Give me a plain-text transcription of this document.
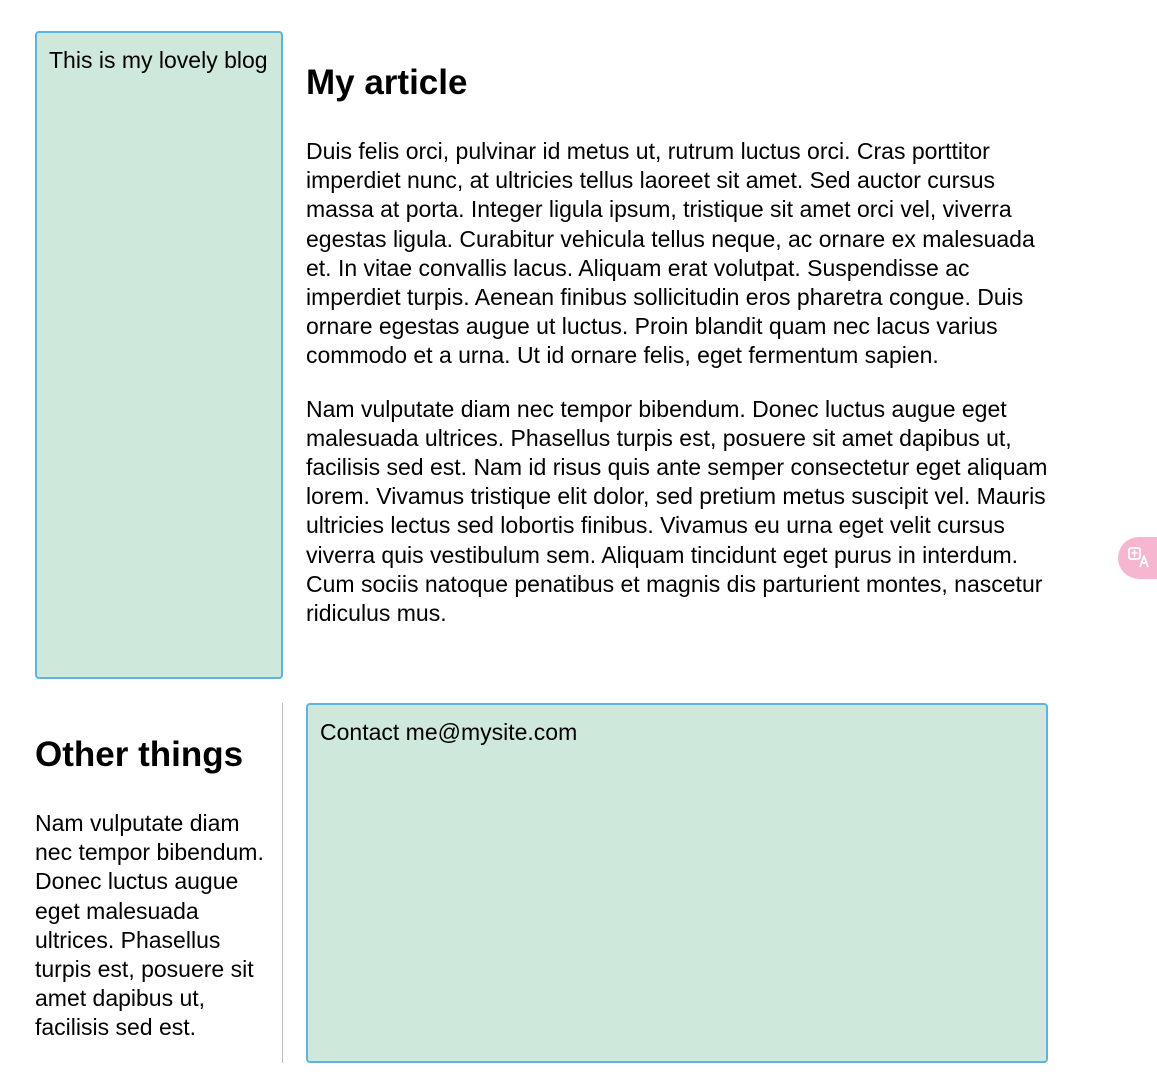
This is my lovely blog
My article

Duis felis orci, pulvinar id metus ut, rutrum luctus orci. Cras porttitor imperdiet nunc, at ultricies tellus laoreet sit amet. Sed auctor cursus massa at porta. Integer ligula ipsum, tristique sit amet orci vel, viverra egestas ligula. Curabitur vehicula tellus neque, ac ornare ex malesuada et. In vitae convallis lacus. Aliquam erat volutpat. Suspendisse ac imperdiet turpis. Aenean finibus sollicitudin eros pharetra congue. Duis ornare egestas augue ut luctus. Proin blandit quam nec lacus varius commodo et a urna. Ut id ornare felis, eget fermentum sapien.

Nam vulputate diam nec tempor bibendum. Donec luctus augue eget malesuada ultrices. Phasellus turpis est, posuere sit amet dapibus ut, facilisis sed est. Nam id risus quis ante semper consectetur eget aliquam lorem. Vivamus tristique elit dolor, sed pretium metus suscipit vel. Mauris ultricies lectus sed lobortis finibus. Vivamus eu urna eget velit cursus viverra quis vestibulum sem. Aliquam tincidunt eget purus in interdum. Cum sociis natoque penatibus et magnis dis parturient montes, nascetur ridiculus mus.

Other things

Nam vulputate diam nec tempor bibendum. Donec luctus augue eget malesuada ultrices. Phasellus turpis est, posuere sit amet dapibus ut, facilisis sed est.

Contact me@mysite.com
